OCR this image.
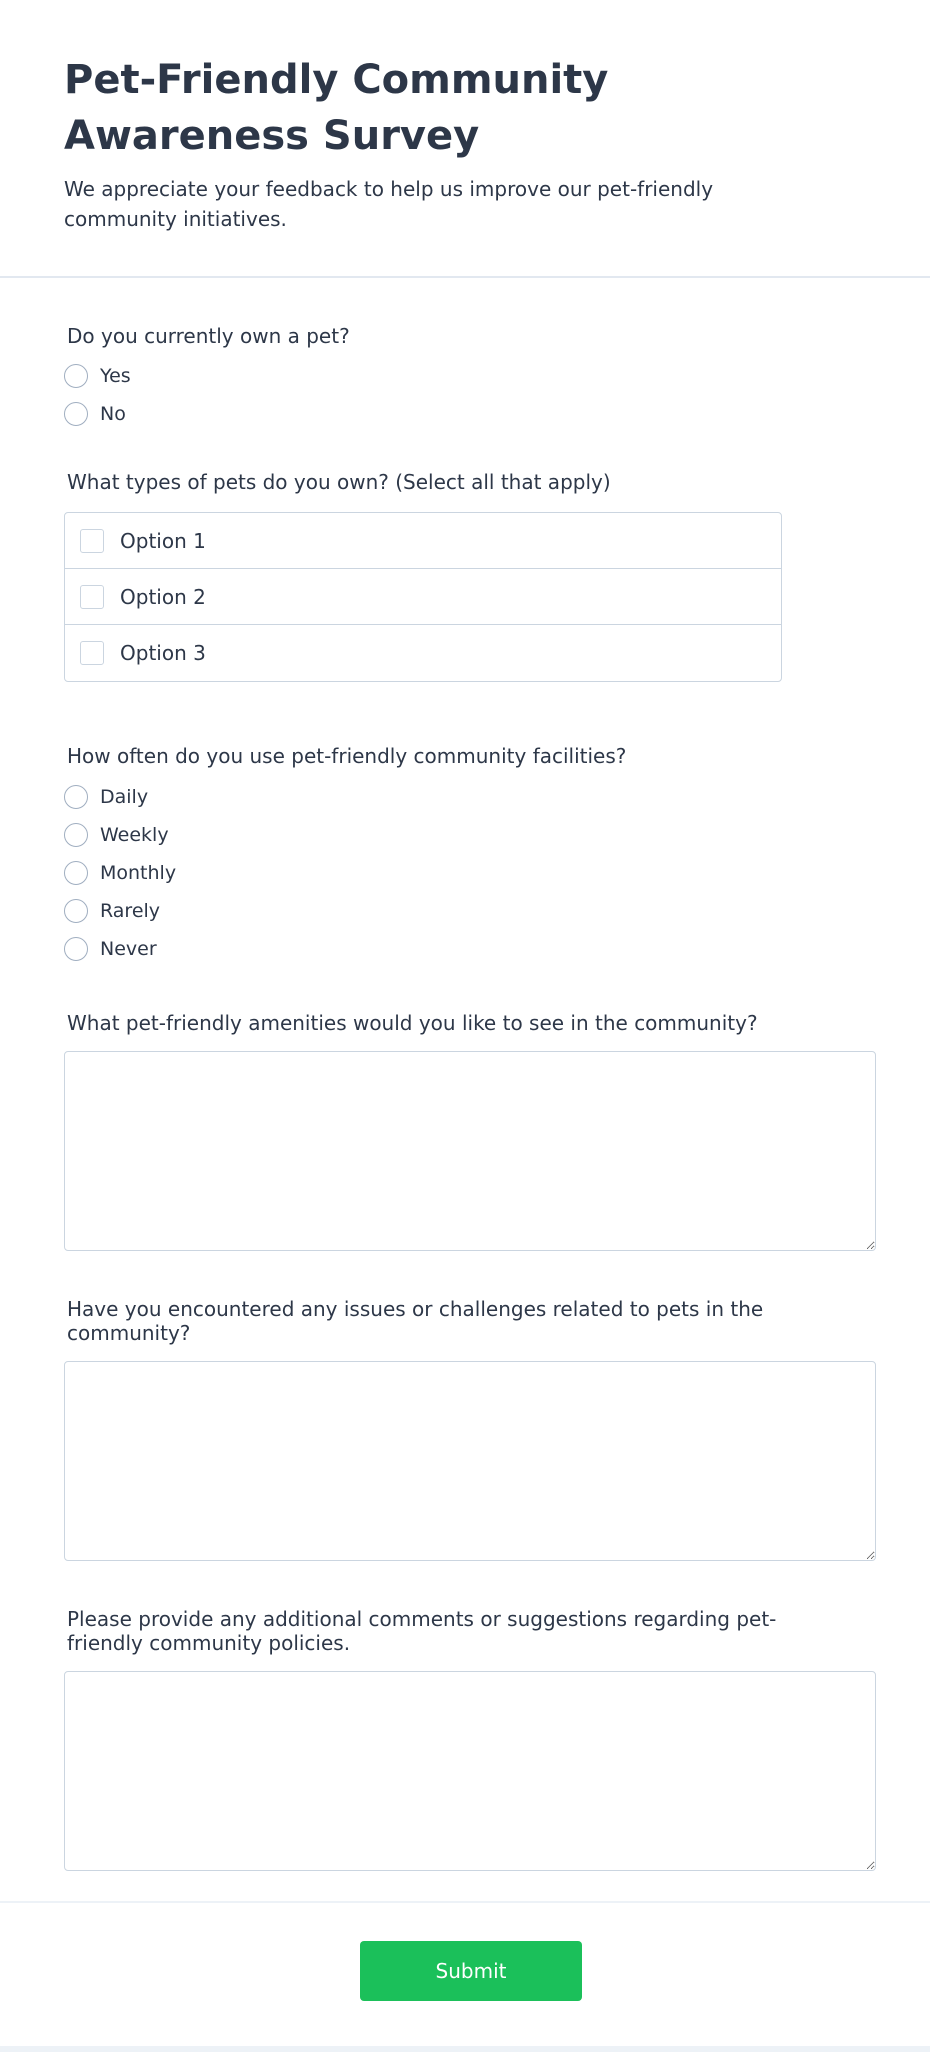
Pet-Friendly Community Awareness Survey

We appreciate your feedback to help us improve our pet-friendly community initiatives.

Do you currently own a pet?
Yes
No
What types of pets do you own? (Select all that apply)
Option 1
Option 2
Option 3
How often do you use pet-friendly community facilities?
Daily
Weekly
Monthly
Rarely
Never
What pet-friendly amenities would you like to see in the community?
Have you encountered any issues or challenges related to pets in the community?
Please provide any additional comments or suggestions regarding pet-friendly community policies.
Submit
